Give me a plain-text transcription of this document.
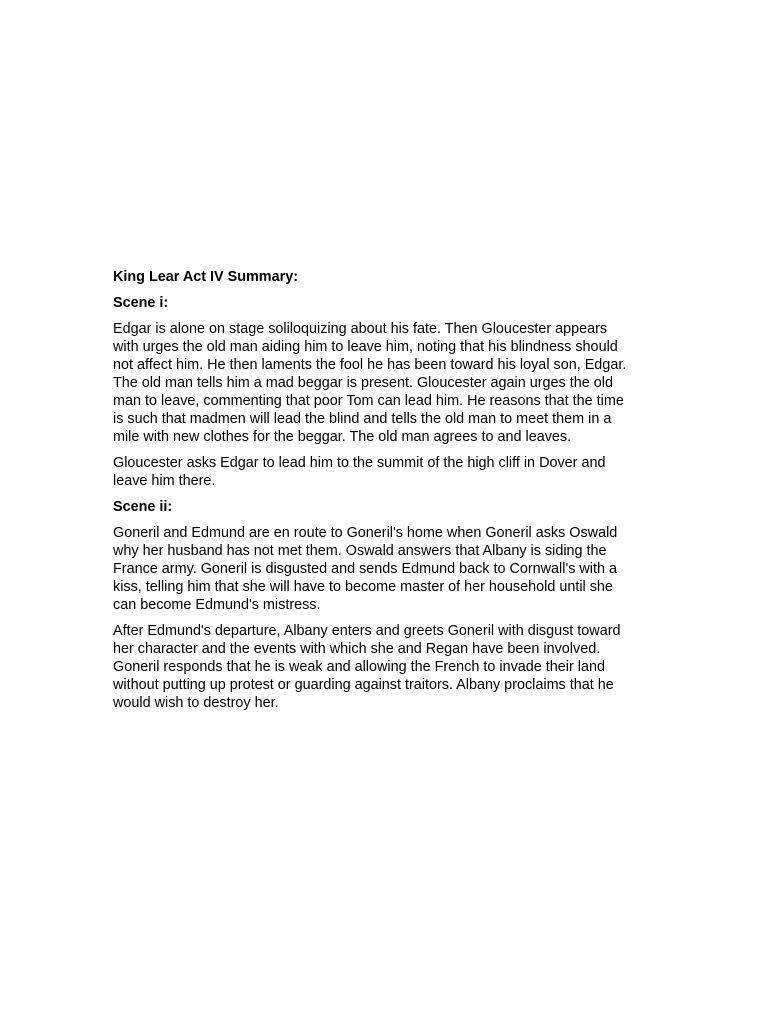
King Lear Act IV Summary:
Scene i:

Edgar is alone on stage soliloquizing about his fate. Then Gloucester appears
with urges the old man aiding him to leave him, noting that his blindness should
not affect him. He then laments the fool he has been toward his loyal son, Edgar.
The old man tells him a mad beggar is present. Gloucester again urges the old
man to leave, commenting that poor Tom can lead him. He reasons that the time
is such that madmen will lead the blind and tells the old man to meet them in a
mile with new clothes for the beggar. The old man agrees to and leaves.

Gloucester asks Edgar to lead him to the summit of the high cliff in Dover and
leave him there.

Scene ii:

Goneril and Edmund are en route to Goneril's home when Goneril asks Oswald
why her husband has not met them. Oswald answers that Albany is siding the
France army. Goneril is disgusted and sends Edmund back to Cornwall's with a
kiss, telling him that she will have to become master of her household until she
can become Edmund's mistress.

After Edmund's departure, Albany enters and greets Goneril with disgust toward
her character and the events with which she and Regan have been involved.
Goneril responds that he is weak and allowing the French to invade their land
without putting up protest or guarding against traitors. Albany proclaims that he
would wish to destroy her.
